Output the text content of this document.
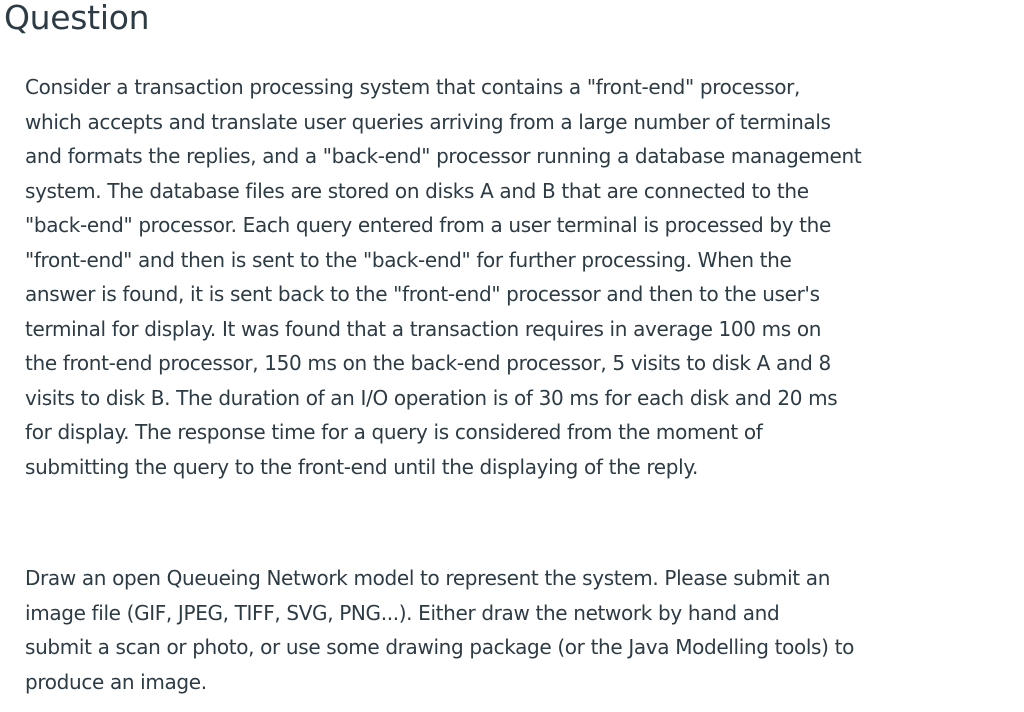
Question

Consider a transaction processing system that contains a "front-end" processor,
which accepts and translate user queries arriving from a large number of terminals
and formats the replies, and a "back-end" processor running a database management
system. The database files are stored on disks A and B that are connected to the
"back-end" processor. Each query entered from a user terminal is processed by the
"front-end" and then is sent to the "back-end" for further processing. When the
answer is found, it is sent back to the "front-end" processor and then to the user's
terminal for display. It was found that a transaction requires in average 100 ms on
the front-end processor, 150 ms on the back-end processor, 5 visits to disk A and 8
visits to disk B. The duration of an I/O operation is of 30 ms for each disk and 20 ms
for display. The response time for a query is considered from the moment of
submitting the query to the front-end until the displaying of the reply.

Draw an open Queueing Network model to represent the system. Please submit an
image file (GIF, JPEG, TIFF, SVG, PNG...). Either draw the network by hand and
submit a scan or photo, or use some drawing package (or the Java Modelling tools) to
produce an image.
